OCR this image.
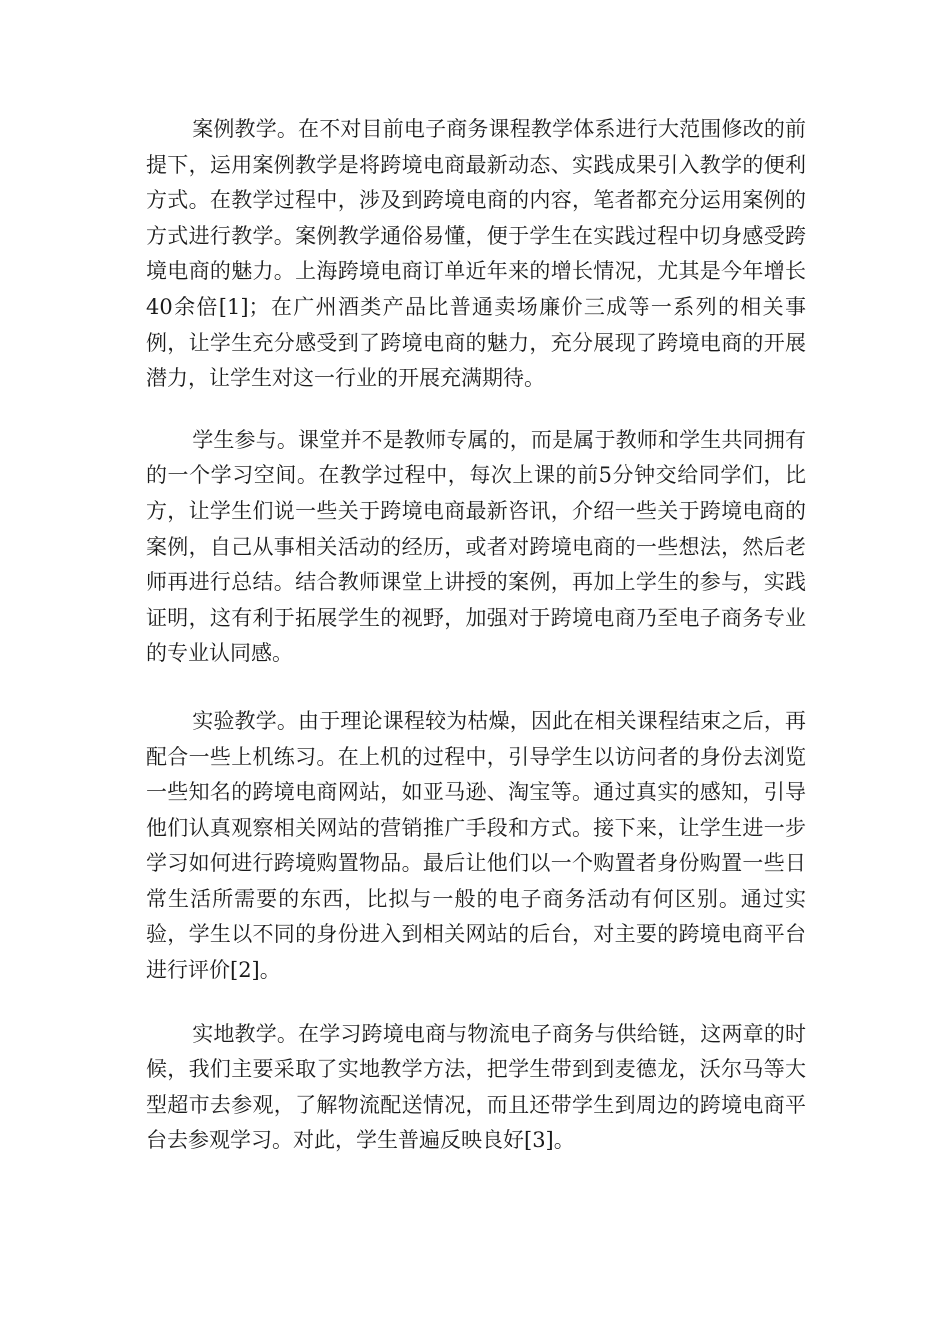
案例教学。在不对目前电子商务课程教学体系进行大范围修改的前提下，运用案例教学是将跨境电商最新动态、实践成果引入教学的便利方式。在教学过程中，涉及到跨境电商的内容，笔者都充分运用案例的方式进行教学。案例教学通俗易懂，便于学生在实践过程中切身感受跨境电商的魅力。上海跨境电商订单近年来的增长情况，尤其是今年增长40余倍[1]；在广州酒类产品比普通卖场廉价三成等一系列的相关事例，让学生充分感受到了跨境电商的魅力，充分展现了跨境电商的开展潜力，让学生对这一行业的开展充满期待。

学生参与。课堂并不是教师专属的，而是属于教师和学生共同拥有的一个学习空间。在教学过程中，每次上课的前5分钟交给同学们，比方，让学生们说一些关于跨境电商最新咨讯，介绍一些关于跨境电商的案例，自己从事相关活动的经历，或者对跨境电商的一些想法，然后老师再进行总结。结合教师课堂上讲授的案例，再加上学生的参与，实践证明，这有利于拓展学生的视野，加强对于跨境电商乃至电子商务专业的专业认同感。

实验教学。由于理论课程较为枯燥，因此在相关课程结束之后，再配合一些上机练习。在上机的过程中，引导学生以访问者的身份去浏览一些知名的跨境电商网站，如亚马逊、淘宝等。通过真实的感知，引导他们认真观察相关网站的营销推广手段和方式。接下来，让学生进一步学习如何进行跨境购置物品。最后让他们以一个购置者身份购置一些日常生活所需要的东西，比拟与一般的电子商务活动有何区别。通过实验，学生以不同的身份进入到相关网站的后台，对主要的跨境电商平台进行评价[2]。

实地教学。在学习跨境电商与物流电子商务与供给链，这两章的时候，我们主要采取了实地教学方法，把学生带到到麦德龙，沃尔马等大型超市去参观，了解物流配送情况，而且还带学生到周边的跨境电商平台去参观学习。对此，学生普遍反映良好[3]。
